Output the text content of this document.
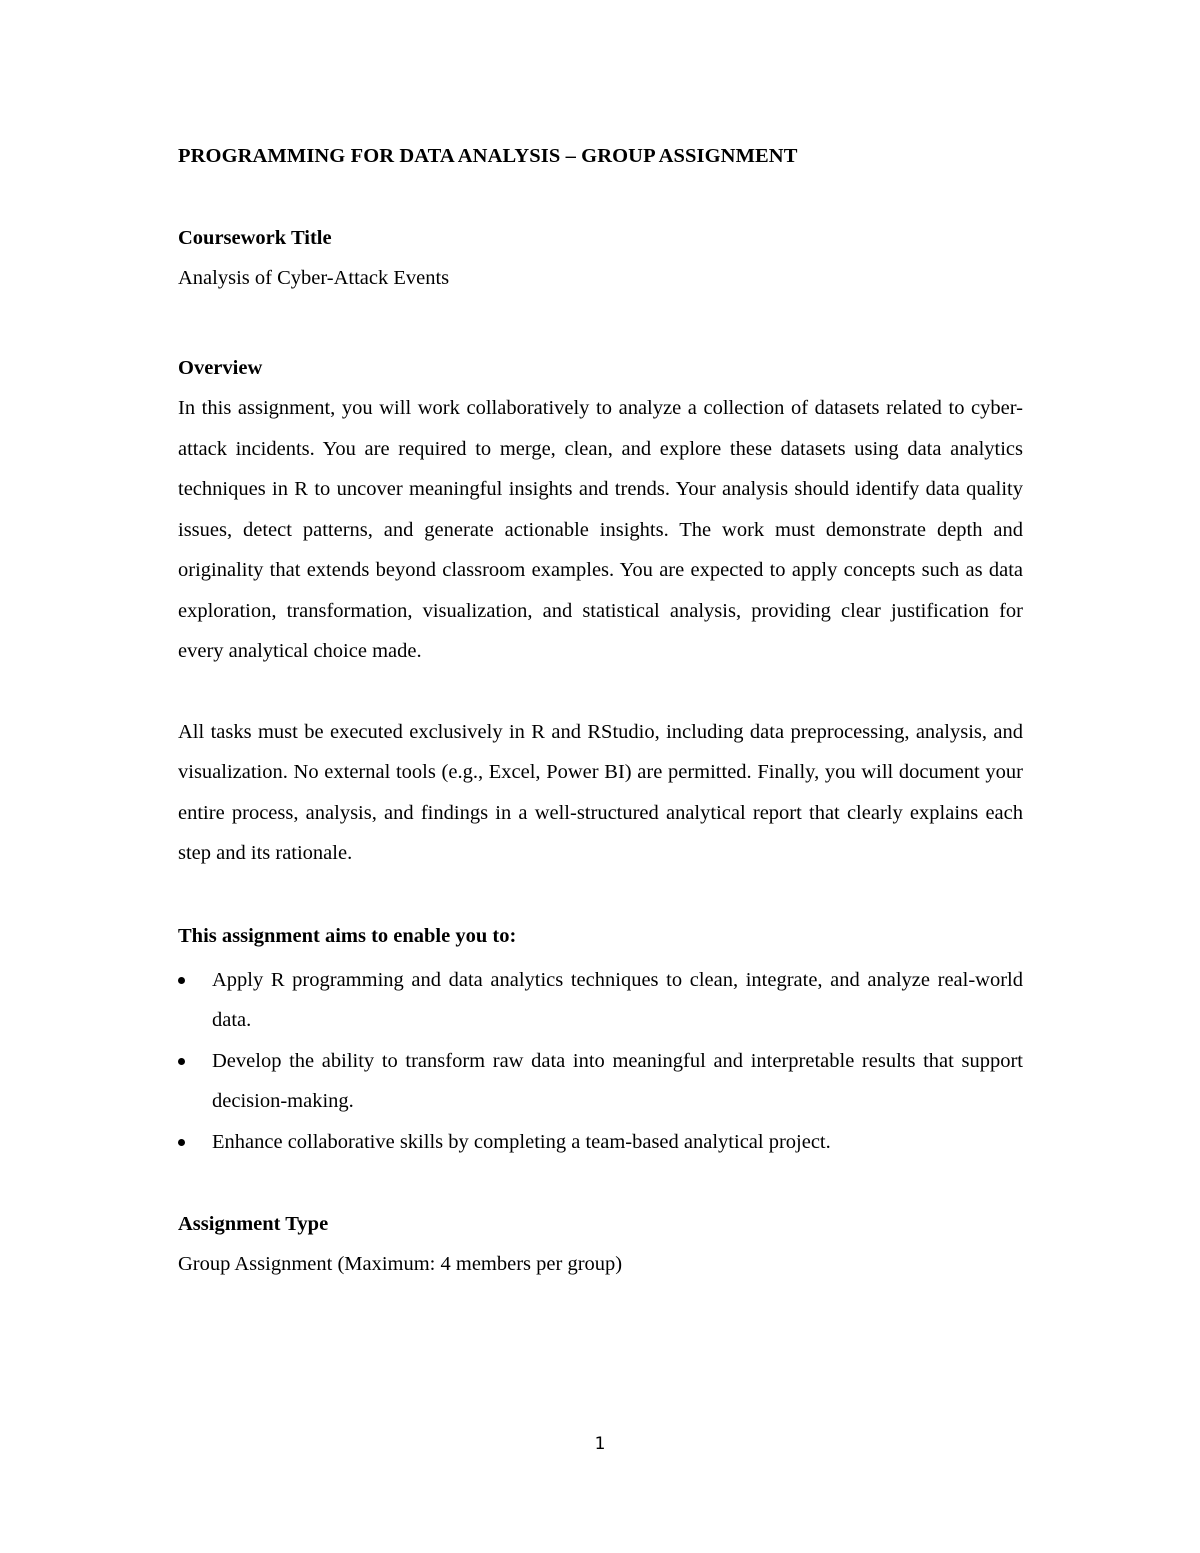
PROGRAMMING FOR DATA ANALYSIS – GROUP ASSIGNMENT
Coursework Title

Analysis of Cyber-Attack Events

Overview

In this assignment, you will work collaboratively to analyze a collection of datasets related to cyber-attack incidents. You are required to merge, clean, and explore these datasets using data analytics techniques in R to uncover meaningful insights and trends. Your analysis should identify data quality issues, detect patterns, and generate actionable insights. The work must demonstrate depth and originality that extends beyond classroom examples. You are expected to apply concepts such as data exploration, transformation, visualization, and statistical analysis, providing clear justification for every analytical choice made.

All tasks must be executed exclusively in R and RStudio, including data preprocessing, analysis, and visualization. No external tools (e.g., Excel, Power BI) are permitted. Finally, you will document your entire process, analysis, and findings in a well-structured analytical report that clearly explains each step and its rationale.

This assignment aims to enable you to:
Apply R programming and data analytics techniques to clean, integrate, and analyze real-world data.
Develop the ability to transform raw data into meaningful and interpretable results that support decision-making.
Enhance collaborative skills by completing a team-based analytical project.
Assignment Type

Group Assignment (Maximum: 4 members per group)

1
